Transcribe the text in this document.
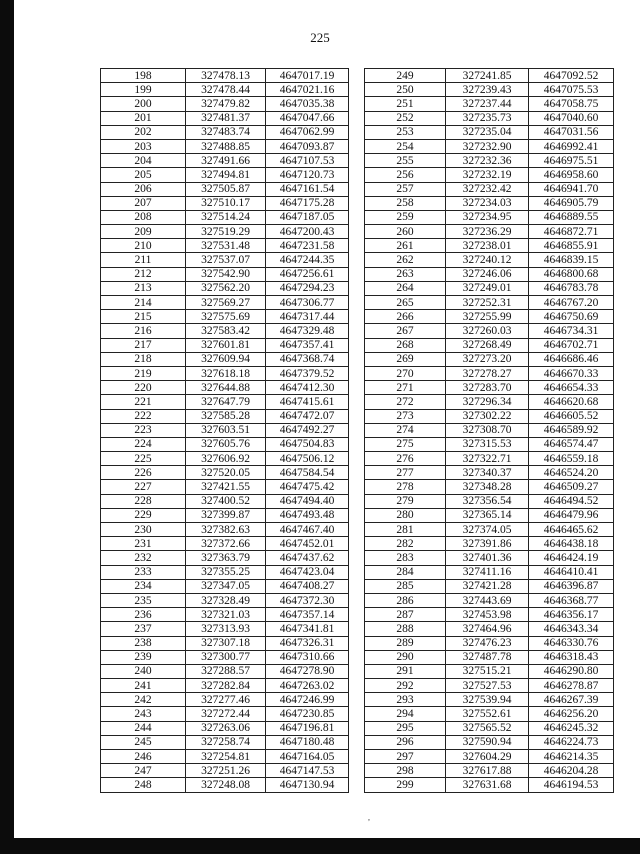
225
198	327478.13	4647017.19
199	327478.44	4647021.16
200	327479.82	4647035.38
201	327481.37	4647047.66
202	327483.74	4647062.99
203	327488.85	4647093.87
204	327491.66	4647107.53
205	327494.81	4647120.73
206	327505.87	4647161.54
207	327510.17	4647175.28
208	327514.24	4647187.05
209	327519.29	4647200.43
210	327531.48	4647231.58
211	327537.07	4647244.35
212	327542.90	4647256.61
213	327562.20	4647294.23
214	327569.27	4647306.77
215	327575.69	4647317.44
216	327583.42	4647329.48
217	327601.81	4647357.41
218	327609.94	4647368.74
219	327618.18	4647379.52
220	327644.88	4647412.30
221	327647.79	4647415.61
222	327585.28	4647472.07
223	327603.51	4647492.27
224	327605.76	4647504.83
225	327606.92	4647506.12
226	327520.05	4647584.54
227	327421.55	4647475.42
228	327400.52	4647494.40
229	327399.87	4647493.48
230	327382.63	4647467.40
231	327372.66	4647452.01
232	327363.79	4647437.62
233	327355.25	4647423.04
234	327347.05	4647408.27
235	327328.49	4647372.30
236	327321.03	4647357.14
237	327313.93	4647341.81
238	327307.18	4647326.31
239	327300.77	4647310.66
240	327288.57	4647278.90
241	327282.84	4647263.02
242	327277.46	4647246.99
243	327272.44	4647230.85
244	327263.06	4647196.81
245	327258.74	4647180.48
246	327254.81	4647164.05
247	327251.26	4647147.53
248	327248.08	4647130.94
249	327241.85	4647092.52
250	327239.43	4647075.53
251	327237.44	4647058.75
252	327235.73	4647040.60
253	327235.04	4647031.56
254	327232.90	4646992.41
255	327232.36	4646975.51
256	327232.19	4646958.60
257	327232.42	4646941.70
258	327234.03	4646905.79
259	327234.95	4646889.55
260	327236.29	4646872.71
261	327238.01	4646855.91
262	327240.12	4646839.15
263	327246.06	4646800.68
264	327249.01	4646783.78
265	327252.31	4646767.20
266	327255.99	4646750.69
267	327260.03	4646734.31
268	327268.49	4646702.71
269	327273.20	4646686.46
270	327278.27	4646670.33
271	327283.70	4646654.33
272	327296.34	4646620.68
273	327302.22	4646605.52
274	327308.70	4646589.92
275	327315.53	4646574.47
276	327322.71	4646559.18
277	327340.37	4646524.20
278	327348.28	4646509.27
279	327356.54	4646494.52
280	327365.14	4646479.96
281	327374.05	4646465.62
282	327391.86	4646438.18
283	327401.36	4646424.19
284	327411.16	4646410.41
285	327421.28	4646396.87
286	327443.69	4646368.77
287	327453.98	4646356.17
288	327464.96	4646343.34
289	327476.23	4646330.76
290	327487.78	4646318.43
291	327515.21	4646290.80
292	327527.53	4646278.87
293	327539.94	4646267.39
294	327552.61	4646256.20
295	327565.52	4646245.32
296	327590.94	4646224.73
297	327604.29	4646214.35
298	327617.88	4646204.28
299	327631.68	4646194.53
,
